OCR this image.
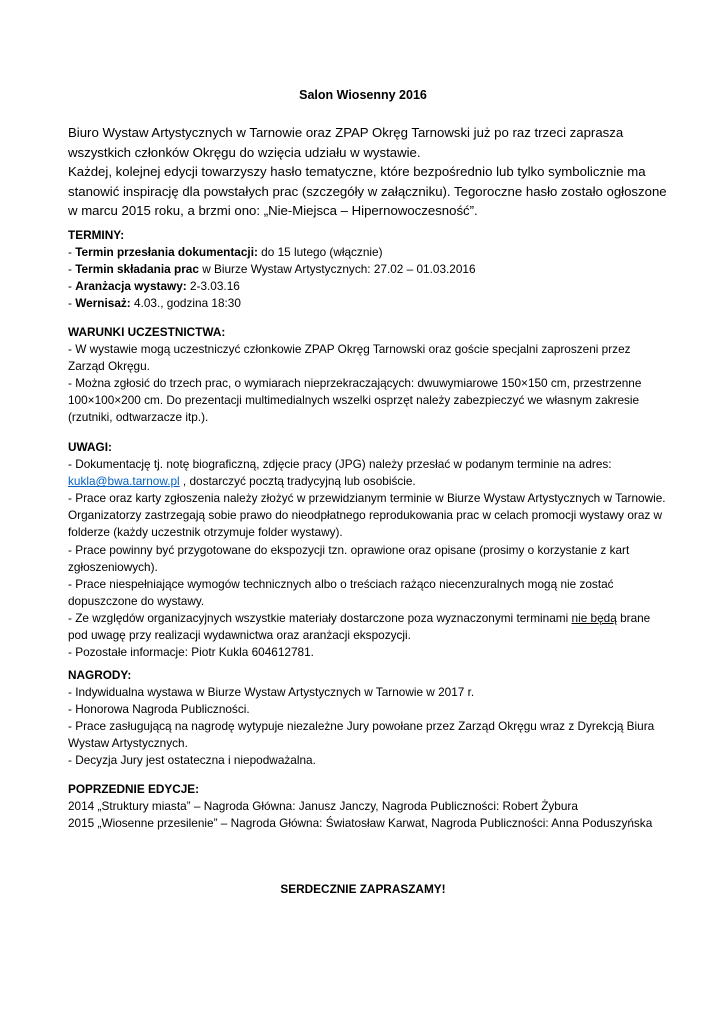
Salon Wiosenny 2016

Biuro Wystaw Artystycznych w Tarnowie oraz ZPAP Okręg Tarnowski już po raz trzeci zaprasza wszystkich członków Okręgu do wzięcia udziału w wystawie.

Każdej, kolejnej edycji towarzyszy hasło tematyczne, które bezpośrednio lub tylko symbolicznie ma stanowić inspirację dla powstałych prac (szczegóły w załączniku). Tegoroczne hasło zostało ogłoszone w marcu 2015 roku, a brzmi ono: „Nie-Miejsca – Hipernowoczesność”.

TERMINY:

- Termin przesłania dokumentacji: do 15 lutego (włącznie)

- Termin składania prac w Biurze Wystaw Artystycznych: 27.02 – 01.03.2016

- Aranżacja wystawy: 2-3.03.16

- Wernisaż: 4.03., godzina 18:30

WARUNKI UCZESTNICTWA:

- W wystawie mogą uczestniczyć członkowie ZPAP Okręg Tarnowski oraz goście specjalni zaproszeni przez Zarząd Okręgu.

- Można zgłosić do trzech prac, o wymiarach nieprzekraczających: dwuwymiarowe 150×150 cm, przestrzenne 100×100×200 cm. Do prezentacji multimedialnych wszelki osprzęt należy zabezpieczyć we własnym zakresie (rzutniki, odtwarzacze itp.).

UWAGI:

- Dokumentację tj. notę biograficzną, zdjęcie pracy (JPG) należy przesłać w podanym terminie na adres: kukla@bwa.tarnow.pl , dostarczyć pocztą tradycyjną lub osobiście.

- Prace oraz karty zgłoszenia należy złożyć w przewidzianym terminie w Biurze Wystaw Artystycznych w Tarnowie. Organizatorzy zastrzegają sobie prawo do nieodpłatnego reprodukowania prac w celach promocji wystawy oraz w folderze (każdy uczestnik otrzymuje folder wystawy).

- Prace powinny być przygotowane do ekspozycji tzn. oprawione oraz opisane (prosimy o korzystanie z kart zgłoszeniowych).

- Prace niespełniające wymogów technicznych albo o treściach rażąco niecenzuralnych mogą nie zostać dopuszczone do wystawy.

- Ze względów organizacyjnych wszystkie materiały dostarczone poza wyznaczonymi terminami nie będą brane pod uwagę przy realizacji wydawnictwa oraz aranżacji ekspozycji.

- Pozostałe informacje: Piotr Kukla 604612781.

NAGRODY:

- Indywidualna wystawa w Biurze Wystaw Artystycznych w Tarnowie w 2017 r.

- Honorowa Nagroda Publiczności.

- Prace zasługującą na nagrodę wytypuje niezależne Jury powołane przez Zarząd Okręgu wraz z Dyrekcją Biura Wystaw Artystycznych.

- Decyzja Jury jest ostateczna i niepodważalna.

POPRZEDNIE EDYCJE:

2014 „Struktury miasta” – Nagroda Główna: Janusz Janczy, Nagroda Publiczności: Robert Żybura

2015 „Wiosenne przesilenie” – Nagroda Główna: Światosław Karwat, Nagroda Publiczności: Anna Poduszyńska

SERDECZNIE ZAPRASZAMY!
